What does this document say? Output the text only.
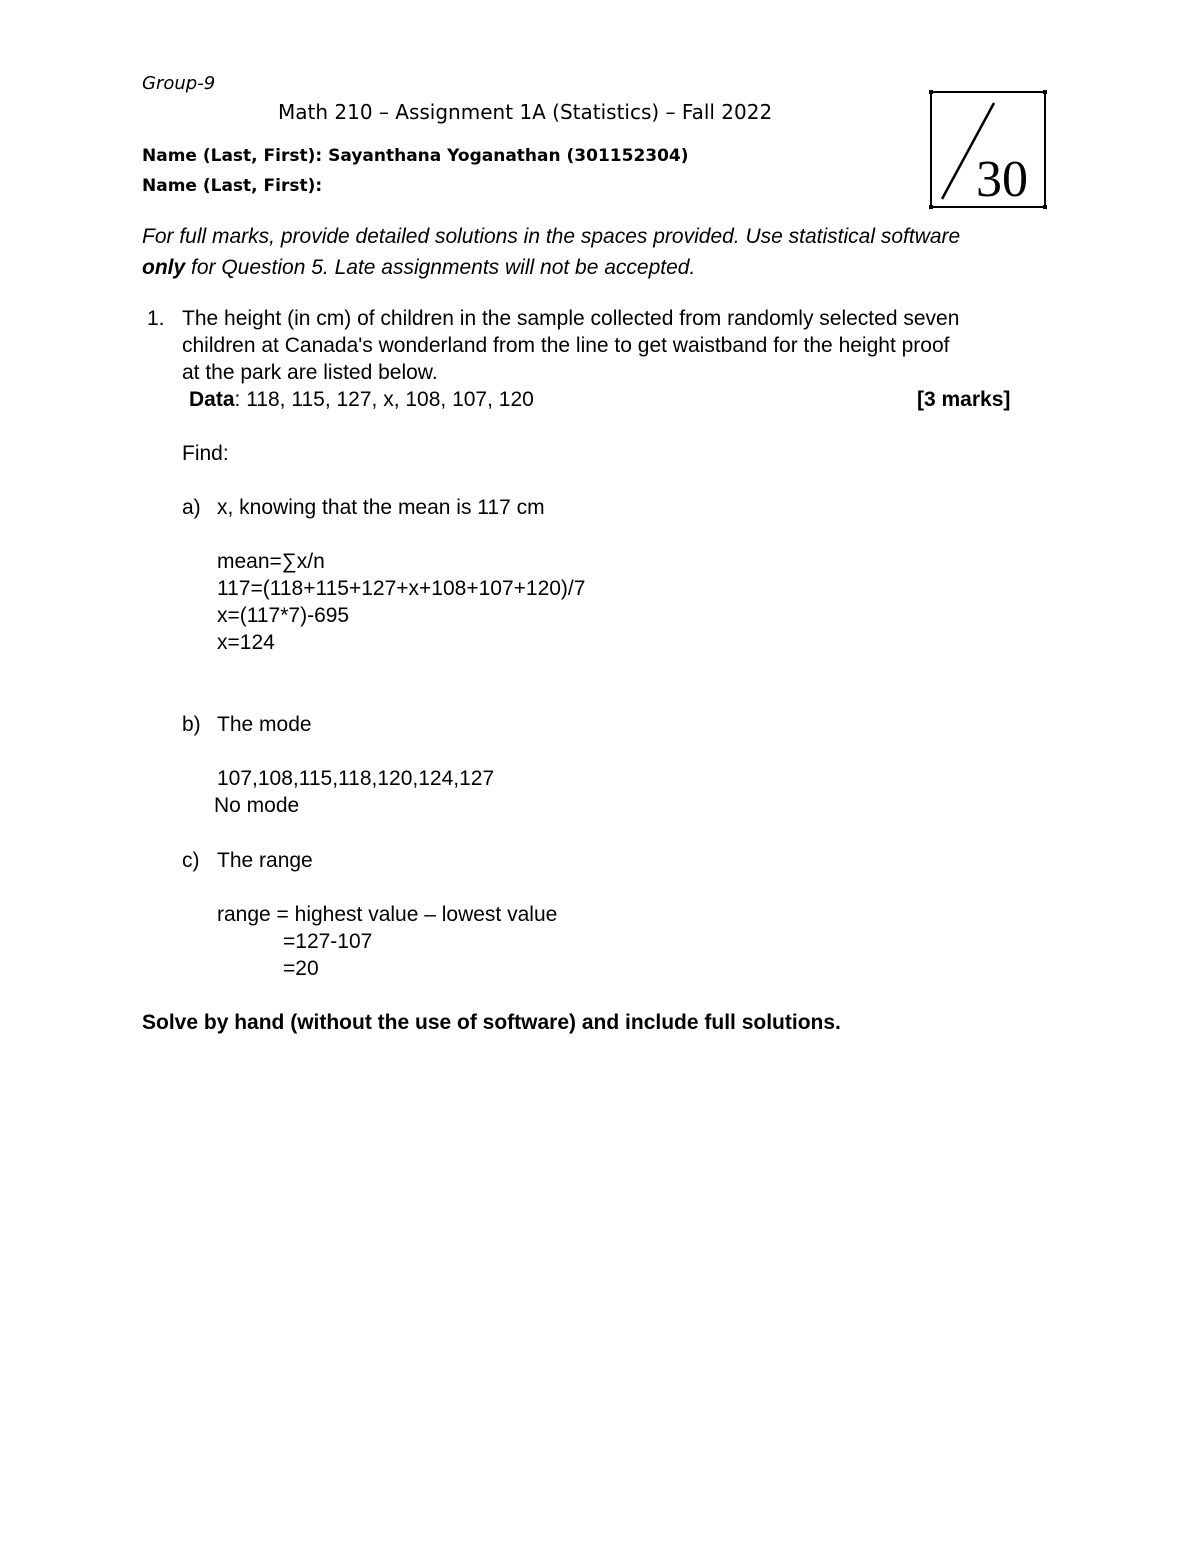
Group-9
Math 210 – Assignment 1A (Statistics) – Fall 2022
Name (Last, First): Sayanthana Yoganathan (301152304)
Name (Last, First):	30
For full marks, provide detailed solutions in the spaces provided. Use statistical software
only for Question 5. Late assignments will not be accepted.
1. The height (in cm) of children in the sample collected from randomly selected seven
children at Canada's wonderland from the line to get waistband for the height proof
at the park are listed below.
Data: 118, 115, 127, x, 108, 107, 120	[3 marks]
Find:
a) x, knowing that the mean is 117 cm
mean=∑x/n
117=(118+115+127+x+108+107+120)/7
x=(117*7)-695
x=124
b) The mode
107,108,115,118,120,124,127
No mode
c) The range
range = highest value – lowest value
=127-107
=20
Solve by hand (without the use of software) and include full solutions.
